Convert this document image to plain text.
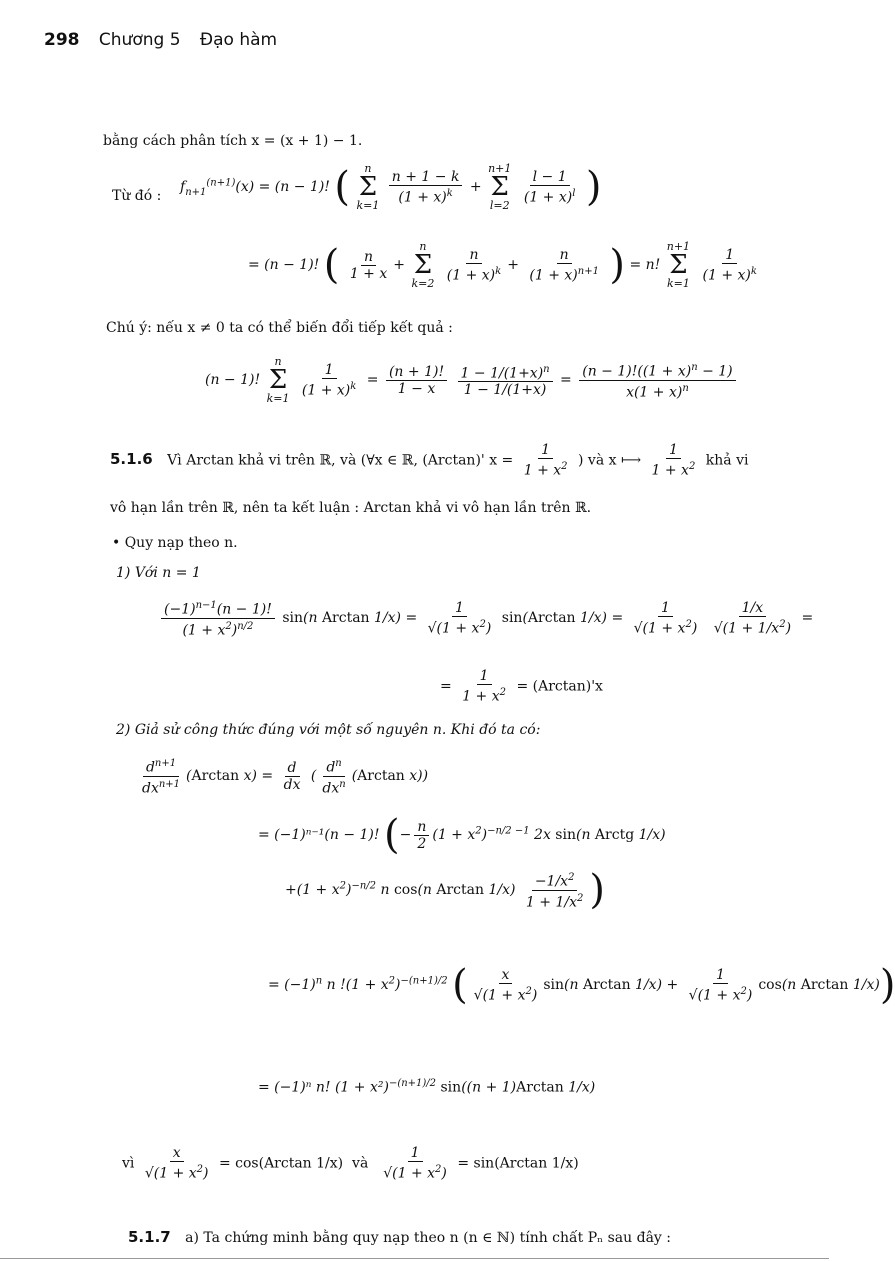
298 Chương 5 Đạo hàm
bằng cách phân tích x = (x + 1) − 1.
Từ đó :
$f_{n+1}^{(n+1)}(x) = (n - 1)$! ( n
Σ
k=1

$\frac{n + 1 - k}{(1 + x)^k}$ +
n+1
Σ
l=2

$\frac{l - 1}{(1 + x)^l}$ )
= (n − 1)! ( $\frac{n}{1 + x}$ +
n
Σ
k=2

$\frac{n}{(1 + x)^k} + \frac{n}{(1 + x)^{n+1}}$ ) = n!
n+1
Σ
k=1

$\frac{1}{(1 + x)^k}$
Chú ý: nếu x ≠ 0 ta có thể biến đổi tiếp kết quả :
(n − 1)!
n
Σ
k=1

$\frac{1}{(1 + x)^k} = \frac{(n + 1)!}{1 - x}$
$\frac{1 - 1/(1+x)^n}{1 - 1/(1+x)} = \frac{(n - 1)!((1 + x)^n - 1)}{x(1 + x)^n}$
5.1.6 Vì Arctan khả vi trên ℝ, và (∀x ∈ ℝ, (Arctan)' $x = \frac{1}{1 + x^2}$ ) và x ⟼ $\frac{1}{1 + x^2}$ khả vi
vô hạn lần trên ℝ, nên ta kết luận : Arctan khả vi vô hạn lần trên ℝ.
• Quy nạp theo n.
1) Với n = 1
$\frac{(-1)^{n-1}(n - 1)!}{(1 + x^2)^{n/2}} \sin(n$ Arctan $1/x) = \frac{1}{√(1 + x^2)} \sin(Arctan$ $1/x) = \frac{1}{√(1 + x^2)}$
$\frac{1/x}{√(1 + 1/x^2)}$ =
= $\frac{1}{1 + x^2} = (Arctan)'x$
2) Giả sử công thức đúng với một số nguyên n. Khi đó ta có:
$\frac{d^{n+1}}{dx^{n+1}} (Arctan$ $x) = \frac{d}{dx}$ ( $\frac{d^n}{dx^n} (Arctan$ x))
= (−1)ⁿ⁻¹(n − 1)! (− $\frac{n}{2} (1 + x^2)^{-n/2 -1}$ 2x sin(n Arctg 1/x)
$+(1 + x^2)^{-n/2}$ n cos(n Arctan $1/x) \frac{-1/x^2}{1 + 1/x^2}$ )
= $(-1)^n$ n $!(1 + x^2)^{-(n+1)/2}$ ( $\frac{x}{√(1 + x^2)} \sin(n$ Arctan $1/x) + \frac{1}{√(1 + x^2)} \cos(n$ Arctan 1/x))
= (−1)ⁿ n! $(1 + x^2)^{-(n+1)/2}$ sin((n + 1)Arctan 1/x)
vì $\frac{x}{√(1 + x^2)} = \cos(Arctan$ 1/x) và $\frac{1}{√(1 + x^2)} = \sin(Arctan$ 1/x)
5.1.7 a) Ta chứng minh bằng quy nạp theo n (n ∈ ℕ) tính chất Pₙ sau đây :
